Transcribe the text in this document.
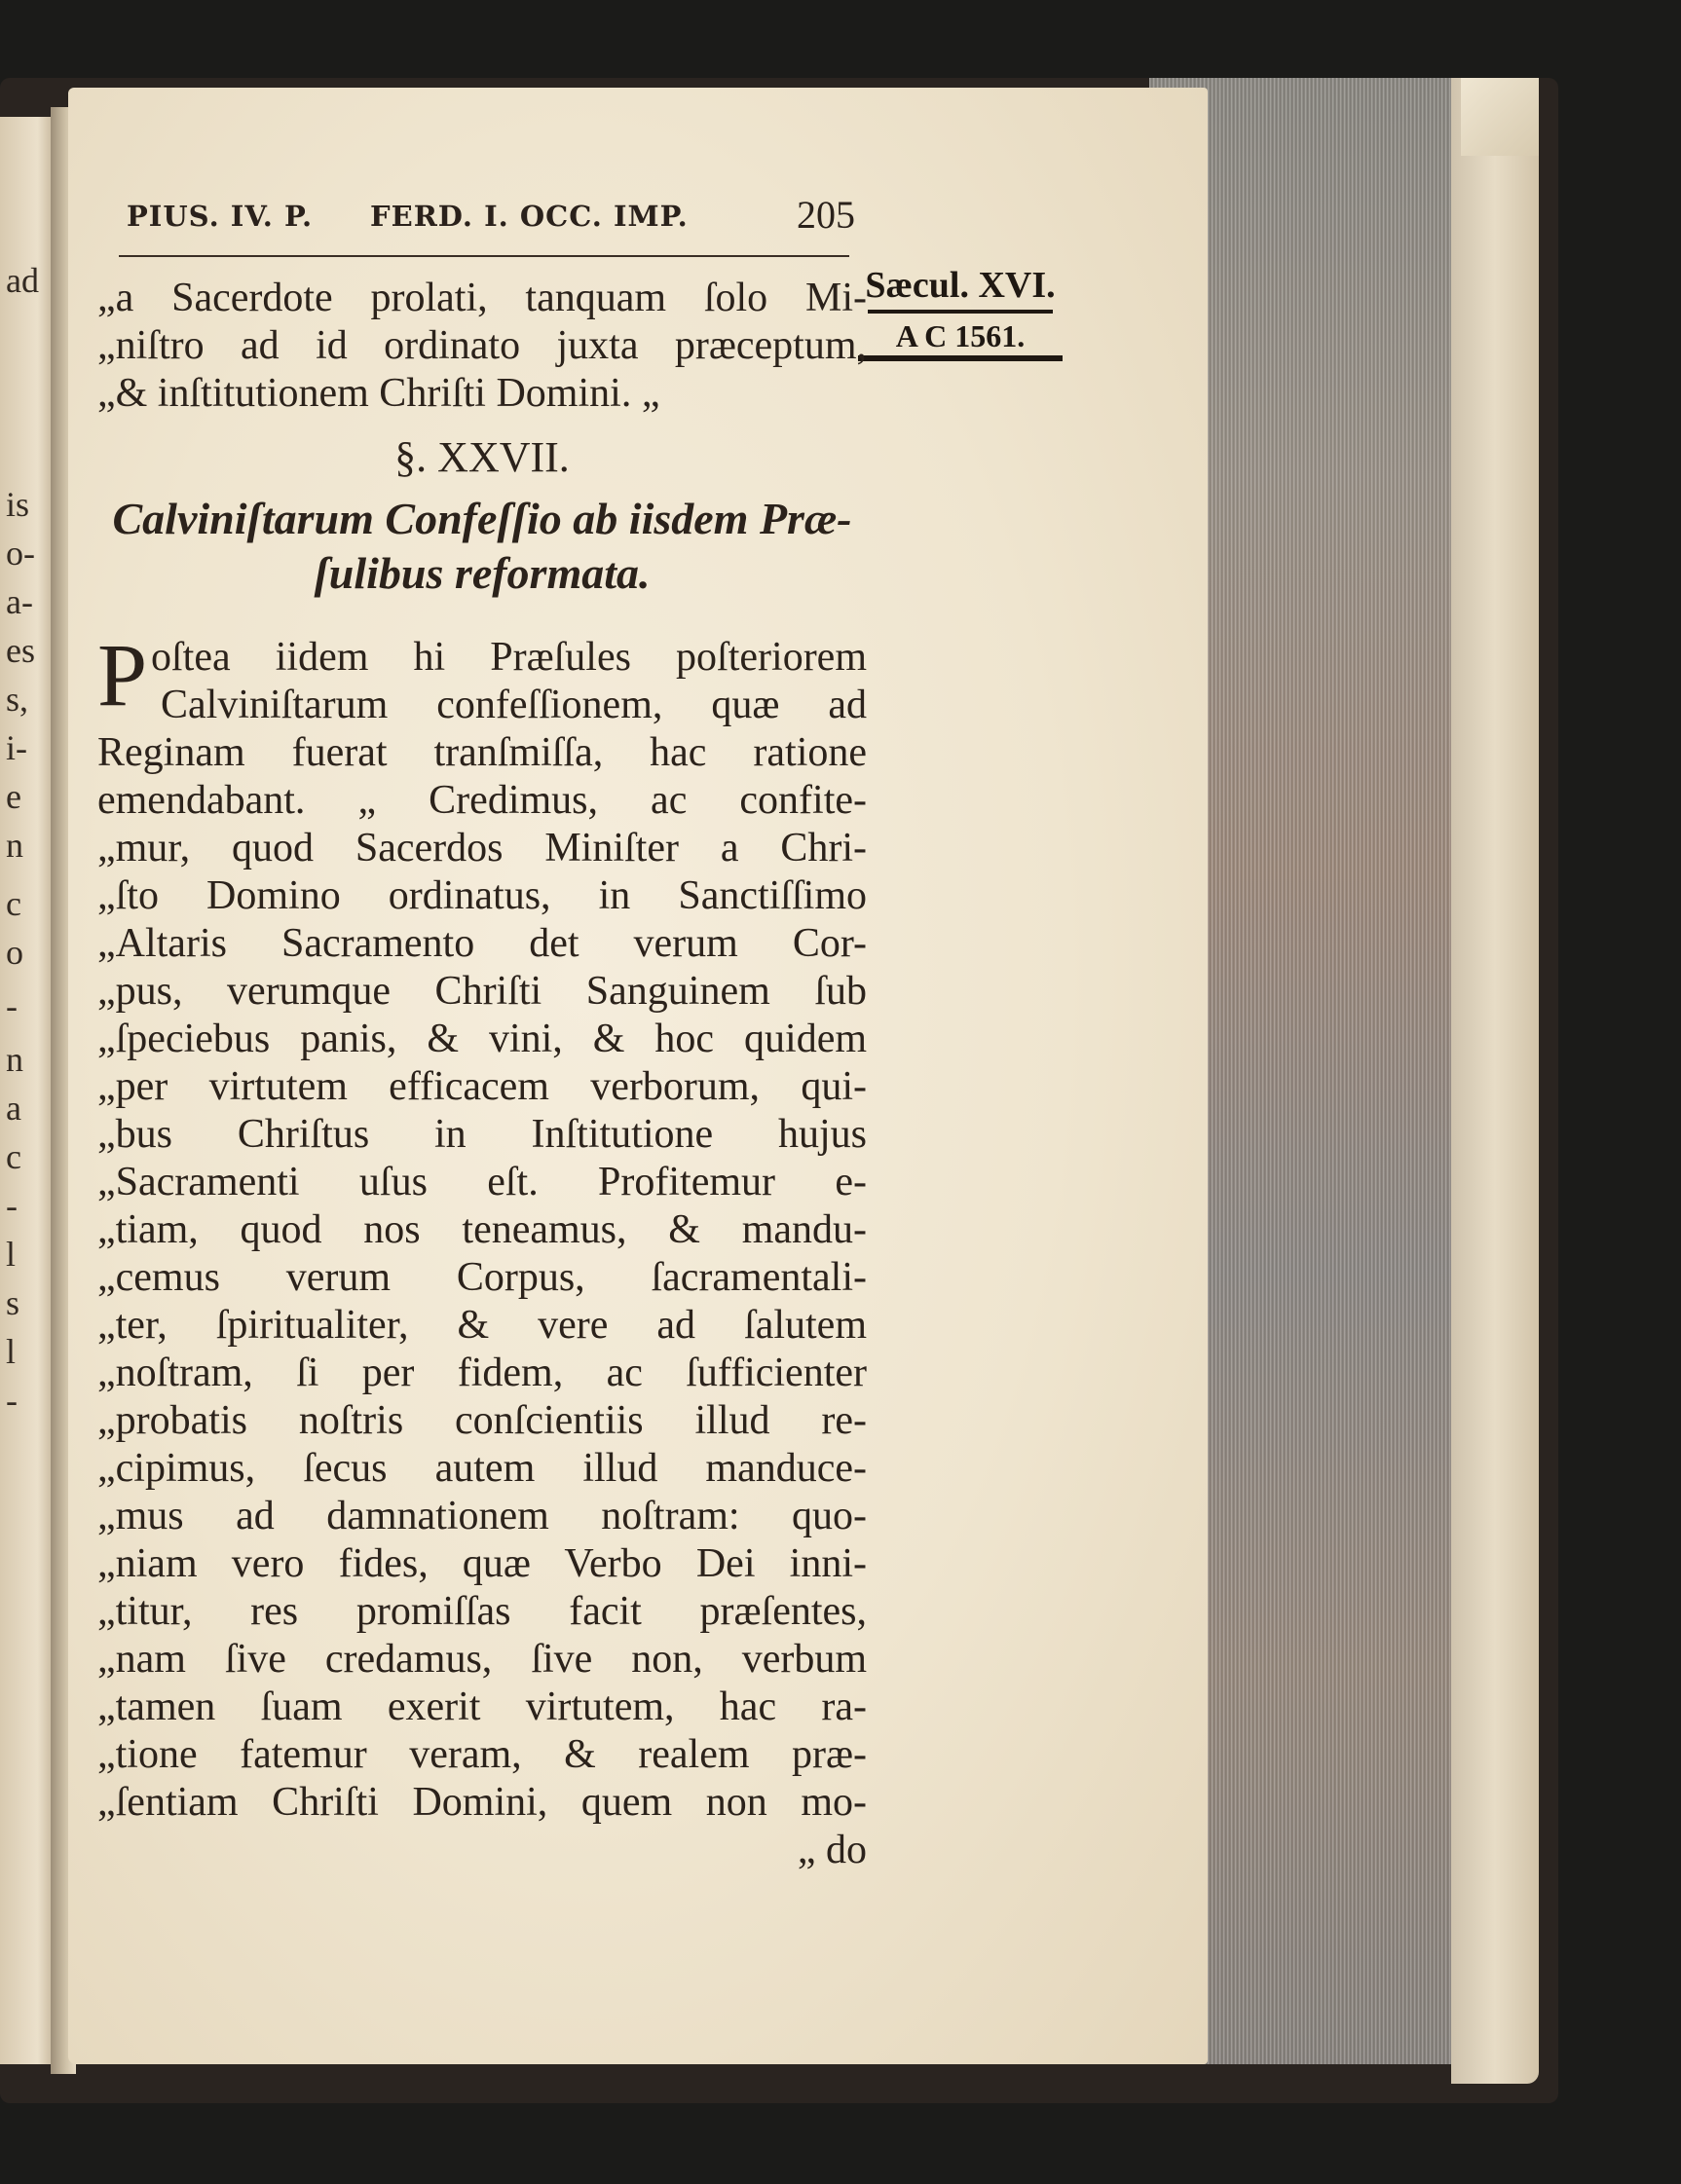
ad
is
o-
a-
es
s,
i-
e
n
c
o
-
n
a
c
-
l
s
l
-
PIUS. IV. P. FERD. I. OCC. IMP.	205
Sæcul. XVI.
A C 1561.
„a Sacerdote prolati, tanquam ſolo Mi-
„niſtro ad id ordinato juxta præceptum,
„& inſtitutionem Chriſti Domini. „
§. XXVII.
Calviniſtarum Confeſſio ab iisdem Præ-
ſulibus reformata.
P oſtea iidem hi Præſules poſteriorem
Calviniſtarum confeſſionem, quæ ad
Reginam fuerat tranſmiſſa, hac ratione
emendabant. „ Credimus, ac confite-
„mur, quod Sacerdos Miniſter a Chri-
„ſto Domino ordinatus, in Sanctiſſimo
„Altaris Sacramento det verum Cor-
„pus, verumque Chriſti Sanguinem ſub
„ſpeciebus panis, & vini, & hoc quidem
„per virtutem efficacem verborum, qui-
„bus Chriſtus in Inſtitutione hujus
„Sacramenti uſus eſt. Profitemur e-
„tiam, quod nos teneamus, & mandu-
„cemus verum Corpus, ſacramentali-
„ter, ſpiritualiter, & vere ad ſalutem
„noſtram, ſi per fidem, ac ſufficienter
„probatis noſtris conſcientiis illud re-
„cipimus, ſecus autem illud manduce-
„mus ad damnationem noſtram: quo-
„niam vero fides, quæ Verbo Dei inni-
„titur, res promiſſas facit præſentes,
„nam ſive credamus, ſive non, verbum
„tamen ſuam exerit virtutem, hac ra-
„tione fatemur veram, & realem præ-
„ſentiam Chriſti Domini, quem non mo-
„ do
